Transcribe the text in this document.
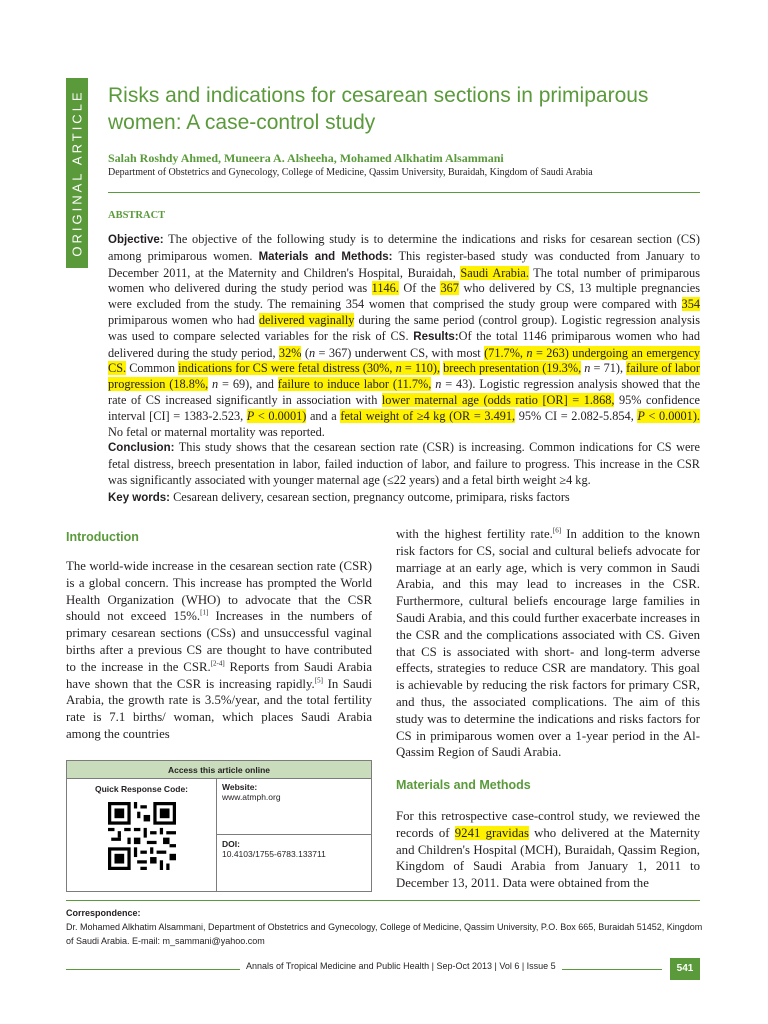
ORIGINAL ARTICLE Risks and indications for cesarean sections in primiparous women: A case-control study
Salah Roshdy Ahmed, Muneera A. Alsheeha, Mohamed Alkhatim Alsammani
Department of Obstetrics and Gynecology, College of Medicine, Qassim University, Buraidah, Kingdom of Saudi Arabia
ABSTRACT

Objective: The objective of the following study is to determine the indications and risks for cesarean section (CS) among primiparous women. Materials and Methods: This register-based study was conducted from January to December 2011, at the Maternity and Children's Hospital, Buraidah, Saudi Arabia. The total number of primiparous women who delivered during the study period was 1146. Of the 367 who delivered by CS, 13 multiple pregnancies were excluded from the study. The remaining 354 women that comprised the study group were compared with 354 primiparous women who had delivered vaginally during the same period (control group). Logistic regression analysis was used to compare selected variables for the risk of CS. Results:Of the total 1146 primiparous women who had delivered during the study period, 32% (n = 367) underwent CS, with most (71.7%, n = 263) undergoing an emergency CS. Common indications for CS were fetal distress (30%, n = 110), breech presentation (19.3%, n = 71), failure of labor progression (18.8%, n = 69), and failure to induce labor (11.7%, n = 43). Logistic regression analysis showed that the rate of CS increased significantly in association with lower maternal age (odds ratio [OR] = 1.868, 95% confidence interval [CI] = 1383-2.523, P < 0.0001) and a fetal weight of ≥4 kg (OR = 3.491, 95% CI = 2.082-5.854, P < 0.0001). No fetal or maternal mortality was reported.
Conclusion: This study shows that the cesarean section rate (CSR) is increasing. Common indications for CS were fetal distress, breech presentation in labor, failed induction of labor, and failure to progress. This increase in the CSR was significantly associated with younger maternal age (≤22 years) and a fetal birth weight ≥4 kg.

Key words: Cesarean delivery, cesarean section, pregnancy outcome, primipara, risks factors
Introduction
The world-wide increase in the cesarean section rate (CSR) is a global concern. This increase has prompted the World Health Organization (WHO) to advocate that the CSR should not exceed 15%.[1] Increases in the numbers of primary cesarean sections (CSs) and unsuccessful vaginal births after a previous CS are thought to have contributed to the increase in the CSR.[2-4] Reports from Saudi Arabia have shown that the CSR is increasing rapidly.[5] In Saudi Arabia, the growth rate is 3.5%/year, and the total fertility rate is 7.1 births/ woman, which places Saudi Arabia among the countries
with the highest fertility rate.[6] In addition to the known risk factors for CS, social and cultural beliefs advocate for marriage at an early age, which is very common in Saudi Arabia, and this may lead to increases in the CSR. Furthermore, cultural beliefs encourage large families in Saudi Arabia, and this could further exacerbate increases in the CSR and the complications associated with CS. Given that CS is associated with short- and long-term adverse effects, strategies to reduce CSR are mandatory. This goal is achievable by reducing the risk factors for primary CSR, and thus, the associated complications. The aim of this study was to determine the indications and risks factors for CS in primiparous women over a 1-year period in the Al-Qassim Region of Saudi Arabia.
Materials and Methods
For this retrospective case-control study, we reviewed the records of 9241 gravidas who delivered at the Maternity and Children's Hospital (MCH), Buraidah, Qassim Region, Kingdom of Saudi Arabia from January 1, 2011 to December 13, 2011. Data were obtained from the
Access this article online
Quick Response Code:	Website:
www.atmph.org
DOI:
10.4103/1755-6783.133711
Correspondence:
Dr. Mohamed Alkhatim Alsammani, Department of Obstetrics and Gynecology, College of Medicine, Qassim University, P.O. Box 665, Buraidah 51452, Kingdom of Saudi Arabia. E-mail: m_sammani@yahoo.com
Annals of Tropical Medicine and Public Health | Sep-Oct 2013 | Vol 6 | Issue 5	541
